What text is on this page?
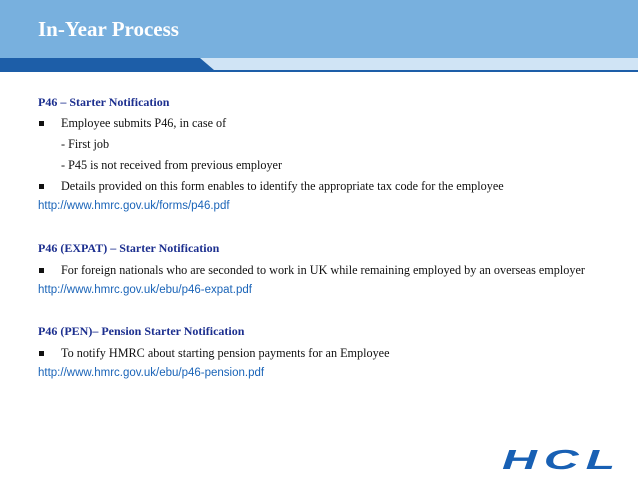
In-Year Process
P46 – Starter Notification
Employee submits P46, in case of
- First job
- P45 is not received from previous employer
Details provided on this form enables to identify the appropriate tax code for the employee
http://www.hmrc.gov.uk/forms/p46.pdf
P46 (EXPAT) – Starter Notification
For foreign nationals who are seconded to work in UK while remaining employed by an overseas employer
http://www.hmrc.gov.uk/ebu/p46-expat.pdf
P46 (PEN)– Pension Starter Notification
To notify HMRC about starting pension payments for an Employee
http://www.hmrc.gov.uk/ebu/p46-pension.pdf
HCL
